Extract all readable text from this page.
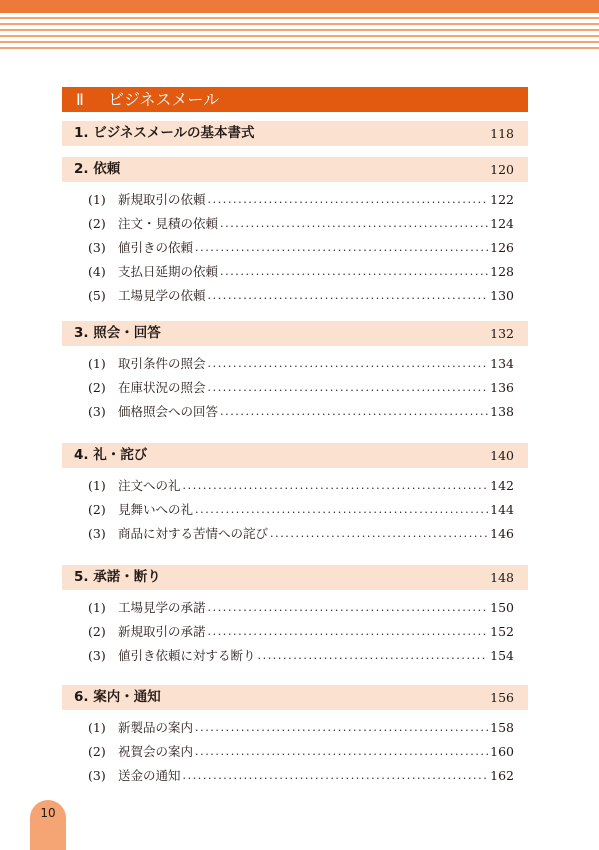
Ⅱ ビジネスメール
1. ビジネスメールの基本書式	118
2. 依頼	120
(1) 新規取引の依頼 .....	122
(2) 注文・見積の依頼 .....	124
(3) 値引きの依頼 .....	126
(4) 支払日延期の依頼 .....	128
(5) 工場見学の依頼 .....	130
3. 照会・回答	132
(1) 取引条件の照会 .....	134
(2) 在庫状況の照会 .....	136
(3) 価格照会への回答 .....	138
4. 礼・詫び	140
(1) 注文への礼 .....	142
(2) 見舞いへの礼 .....	144
(3) 商品に対する苦情への詫び .....	146
5. 承諾・断り	148
(1) 工場見学の承諾 .....	150
(2) 新規取引の承諾 .....	152
(3) 値引き依頼に対する断り .....	154
6. 案内・通知	156
(1) 新製品の案内 .....	158
(2) 祝賀会の案内 .....	160
(3) 送金の通知 .....	162
10
